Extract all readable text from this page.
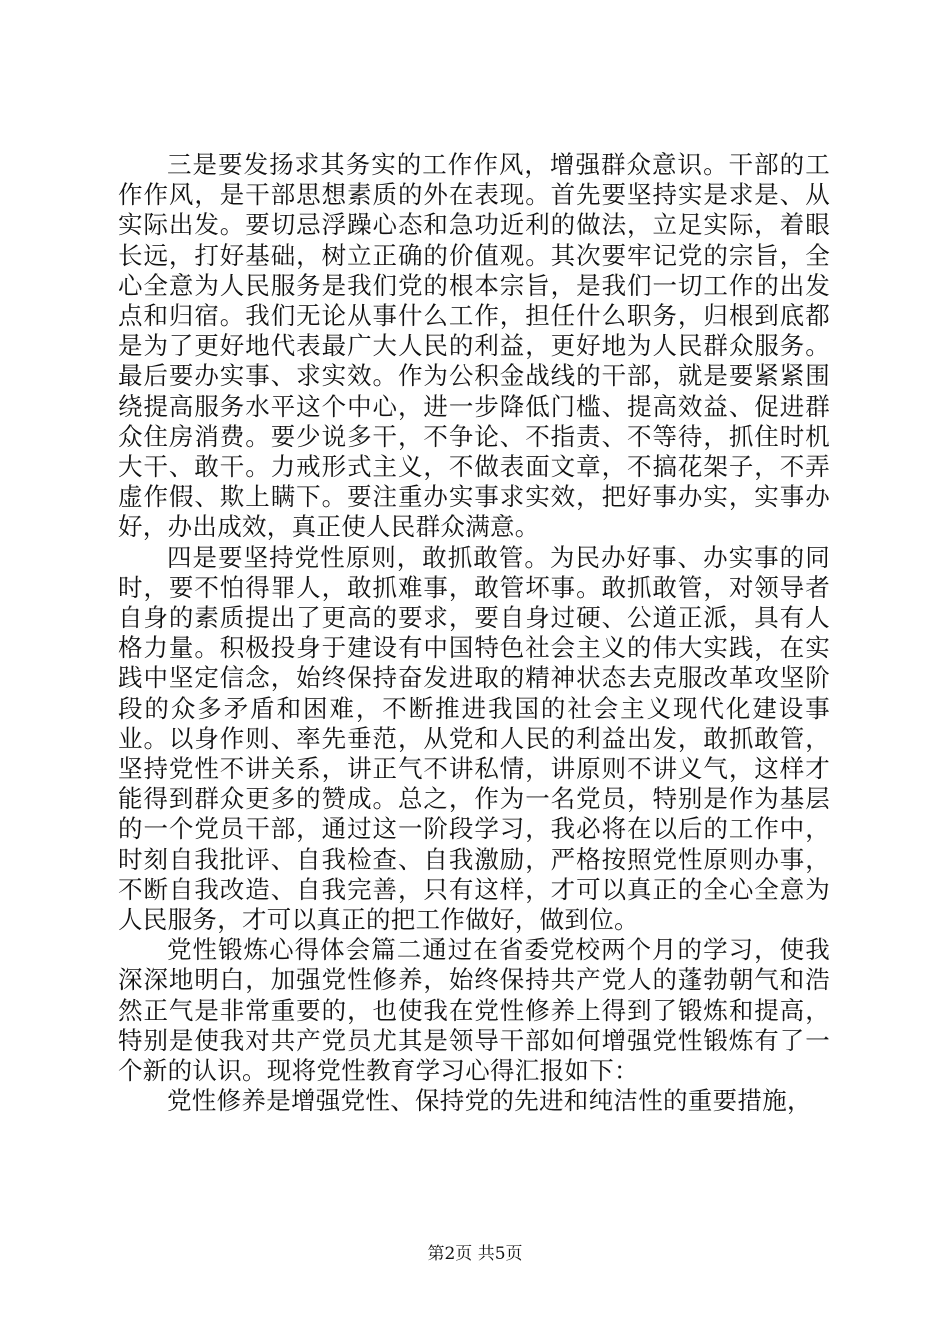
三是要发扬求其务实的工作作风，增强群众意识。干部的工作作风，是干部思想素质的外在表现。首先要坚持实是求是、从实际出发。要切忌浮躁心态和急功近利的做法，立足实际，着眼长远，打好基础，树立正确的价值观。其次要牢记党的宗旨，全心全意为人民服务是我们党的根本宗旨，是我们一切工作的出发点和归宿。我们无论从事什么工作，担任什么职务，归根到底都是为了更好地代表最广大人民的利益，更好地为人民群众服务。最后要办实事、求实效。作为公积金战线的干部，就是要紧紧围绕提高服务水平这个中心，进一步降低门槛、提高效益、促进群众住房消费。要少说多干，不争论、不指责、不等待，抓住时机大干、敢干。力戒形式主义，不做表面文章，不搞花架子，不弄虚作假、欺上瞒下。要注重办实事求实效，把好事办实，实事办好，办出成效，真正使人民群众满意。

四是要坚持党性原则，敢抓敢管。为民办好事、办实事的同时，要不怕得罪人，敢抓难事，敢管坏事。敢抓敢管，对领导者自身的素质提出了更高的要求，要自身过硬、公道正派，具有人格力量。积极投身于建设有中国特色社会主义的伟大实践，在实践中坚定信念，始终保持奋发进取的精神状态去克服改革攻坚阶段的众多矛盾和困难，不断推进我国的社会主义现代化建设事业。以身作则、率先垂范，从党和人民的利益出发，敢抓敢管，坚持党性不讲关系，讲正气不讲私情，讲原则不讲义气，这样才能得到群众更多的赞成。总之，作为一名党员，特别是作为基层的一个党员干部，通过这一阶段学习，我必将在以后的工作中，时刻自我批评、自我检查、自我激励，严格按照党性原则办事，不断自我改造、自我完善，只有这样，才可以真正的全心全意为人民服务，才可以真正的把工作做好，做到位。

党性锻炼心得体会篇二通过在省委党校两个月的学习，使我深深地明白，加强党性修养，始终保持共产党人的蓬勃朝气和浩然正气是非常重要的，也使我在党性修养上得到了锻炼和提高，特别是使我对共产党员尤其是领导干部如何增强党性锻炼有了一个新的认识。现将党性教育学习心得汇报如下：

党性修养是增强党性、保持党的先进和纯洁性的重要措施，

第2页 共5页
